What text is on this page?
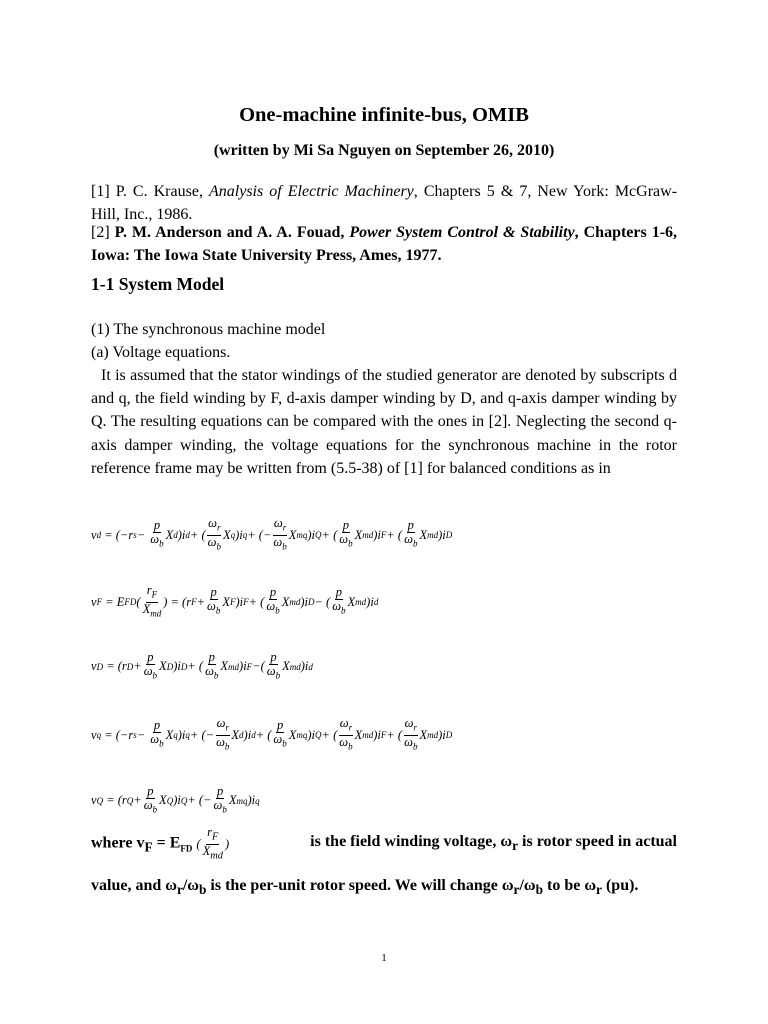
One-machine infinite-bus, OMIB
(written by Mi Sa Nguyen on September 26, 2010)
[1] P. C. Krause, Analysis of Electric Machinery, Chapters 5 & 7, New York: McGraw-Hill, Inc., 1986.
[2] P. M. Anderson and A. A. Fouad, Power System Control & Stability, Chapters 1-6, Iowa: The Iowa State University Press, Ames, 1977.
1-1 System Model
(1) The synchronous machine model
(a) Voltage equations.
It is assumed that the stator windings of the studied generator are denoted by subscripts d and q, the field winding by F, d-axis damper winding by D, and q-axis damper winding by Q. The resulting equations can be compared with the ones in [2]. Neglecting the second q-axis damper winding, the voltage equations for the synchronous machine in the rotor reference frame may be written from (5.5-38) of [1] for balanced conditions as in
v d = (−r $s - \frac{p}{\omega_b}$ X d )i d + ( $\frac{\omega_r}{\omega_b}$ X q )i q + (− $\frac{\omega_r}{\omega_b}$ X mq )i Q + ( $\frac{p}{\omega_b}$ X md )i F + ( $\frac{p}{\omega_b}$ X md )i D
v F = E FD ( $\frac{r_F}{X_{md}}$ ) = (r $F + \frac{p}{\omega_b}$ X F )i F + ( $\frac{p}{\omega_b}$ X md )i D − ( $\frac{p}{\omega_b}$ X md )i d
v D = (r $D + \frac{p}{\omega_b}$ X D )i D + ( $\frac{p}{\omega_b}$ X md )i F −( $\frac{p}{\omega_b}$ X md )i d
v q = (−r $s - \frac{p}{\omega_b}$ X q )i q + (− $\frac{\omega_r}{\omega_b}$ X d )i d + ( $\frac{p}{\omega_b}$ X mq )i Q + ( $\frac{\omega_r}{\omega_b}$ X md )i F + ( $\frac{\omega_r}{\omega_b}$ X md )i D
v Q = (r $Q + \frac{p}{\omega_b}$ X Q )i Q + (− $\frac{p}{\omega_b}$ X mq )i q
where $v_F = E_{FD}$ ( $\frac{r_F}{X_{md}}$ )	is the field winding voltage, $\omega_r$ is rotor speed in actual
value, and $\omega_r/\omega_b$ is the per-unit rotor speed. We will change $\omega_r/\omega_b$ to be $\omega_r$ (pu).
1
